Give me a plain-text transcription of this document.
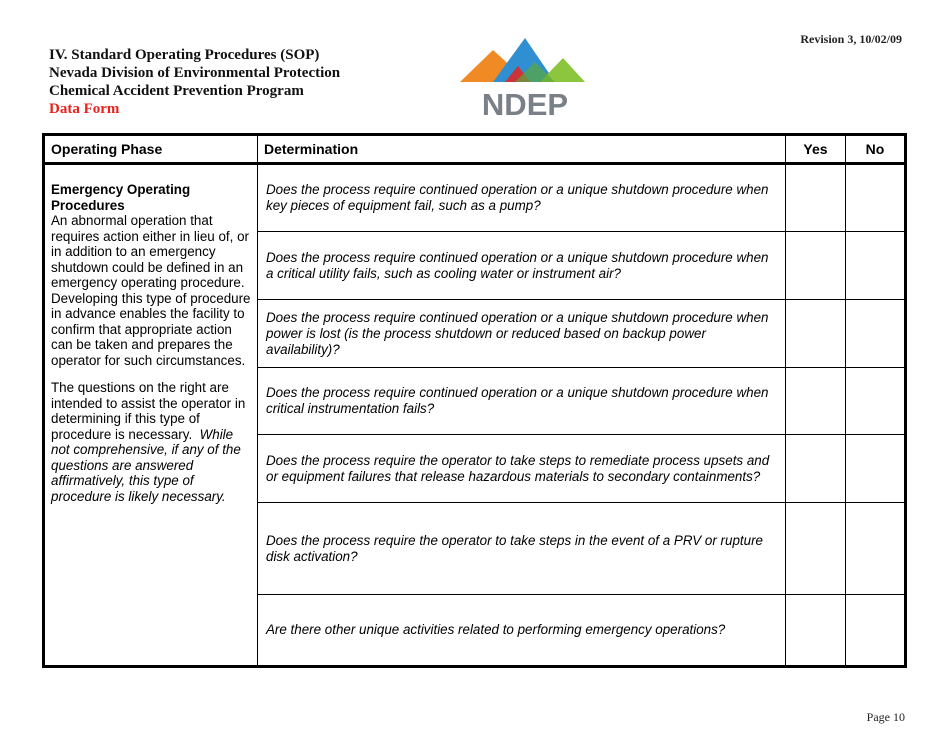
Revision 3, 10/02/09
IV. Standard Operating Procedures (SOP)
Nevada Division of Environmental Protection
Chemical Accident Prevention Program
Data Form	NDEP
Operating Phase	Determination	Yes	No

Emergency Operating Procedures

An abnormal operation that requires action either in lieu of, or in addition to an emergency shutdown could be defined in an emergency operating procedure. Developing this type of procedure in advance enables the facility to confirm that appropriate action can be taken and prepares the operator for such circumstances.

The questions on the right are intended to assist the operator in determining if this type of procedure is necessary. While not comprehensive, if any of the questions are answered affirmatively, this type of procedure is likely necessary.	Does the process require continued operation or a unique shutdown procedure when key pieces of equipment fail, such as a pump?		
	Does the process require continued operation or a unique shutdown procedure when a critical utility fails, such as cooling water or instrument air?		
	Does the process require continued operation or a unique shutdown procedure when power is lost (is the process shutdown or reduced based on backup power availability)?		
	Does the process require continued operation or a unique shutdown procedure when critical instrumentation fails?		
	Does the process require the operator to take steps to remediate process upsets and or equipment failures that release hazardous materials to secondary containments?		
	Does the process require the operator to take steps in the event of a PRV or rupture disk activation?		
	Are there other unique activities related to performing emergency operations?		
Page 10
